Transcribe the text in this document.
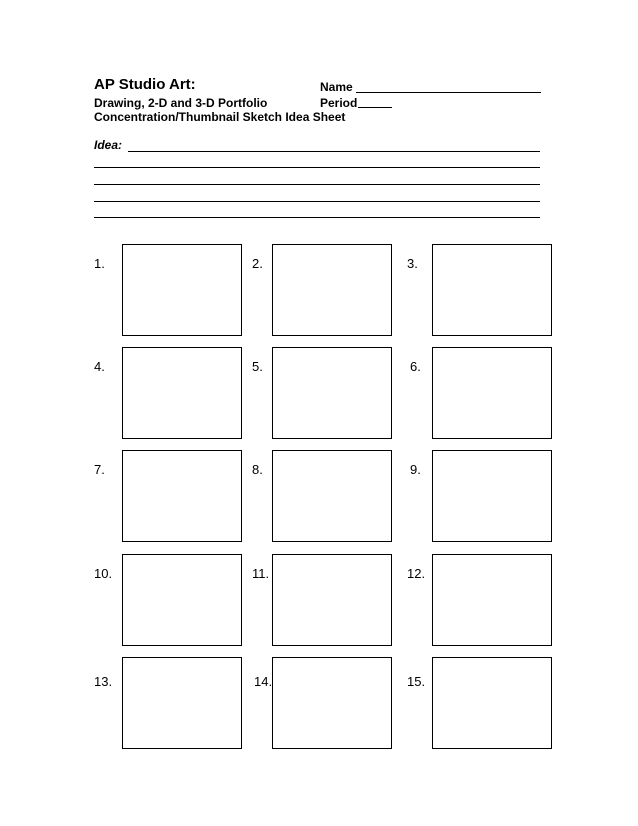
AP Studio Art:
Drawing, 2-D and 3-D Portfolio
Concentration/Thumbnail Sketch Idea Sheet
Name
Period
Idea:
1.	2.	3.
4.	5.	6.
7.	8.	9.
10.	11.	12.
13.	14.	15.
